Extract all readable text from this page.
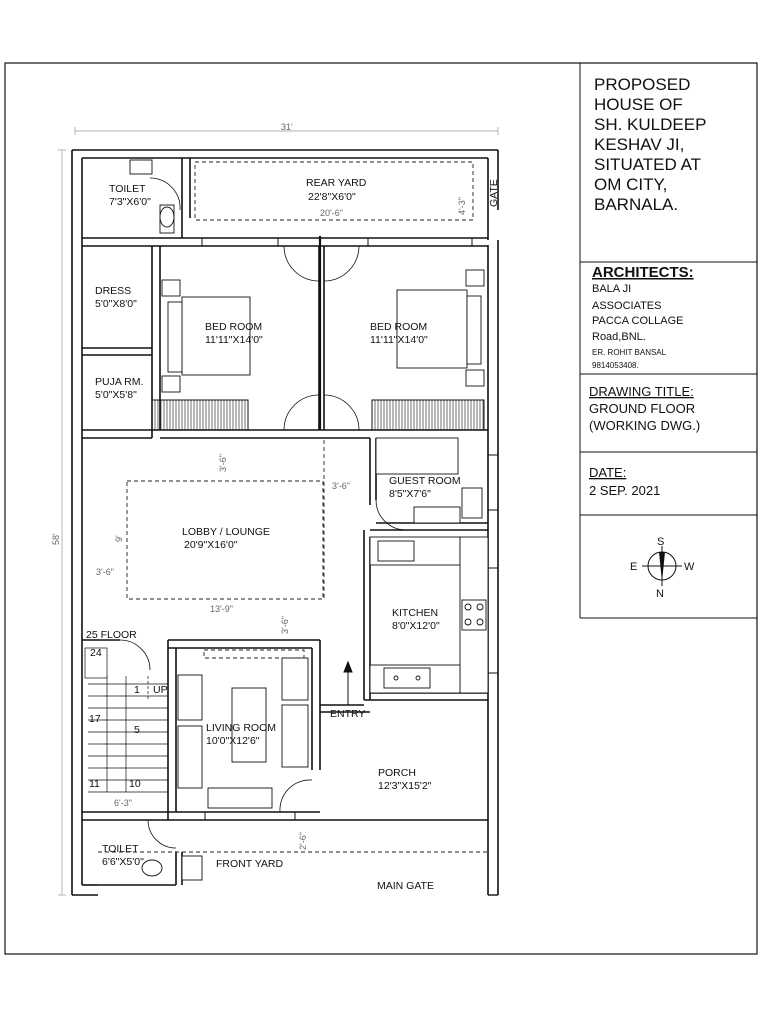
PROPOSED
HOUSE OF
SH. KULDEEP
KESHAV JI,
SITUATED AT
OM CITY,
BARNALA.
ARCHITECTS:
BALA JI
ASSOCIATES
PACCA COLLAGE
Road,BNL.
ER. ROHIT BANSAL
9814053408.
DRAWING TITLE:
GROUND FLOOR
(WORKING DWG.)
DATE:
2 SEP. 2021
S
N
E	W
31'
58'
TOILET
7'3"X6'0"
REAR YARD
22'8"X6'0"
20'-6"	4'-3" GATE
DRESS
5'0"X8'0"
BED ROOM
11'11"X14'0"
BED ROOM
11'11"X14'0"
PUJA RM.
5'0"X5'8"
GUEST ROOM
8'5"X7'6"
3'-6"
3'-6"
LOBBY / LOUNGE
20'9"X16'0"
9'
3'-6"
13'-9"
3'-6"
KITCHEN
8'0"X12'0"
25 FLOOR
24
1 UP
17
5
11	10
6'-3"
LIVING ROOM
10'0"X12'6"
ENTRY
PORCH
12'3"X15'2"
2'-6"
TOILET
6'6"X5'0"	FRONT YARD
MAIN GATE
